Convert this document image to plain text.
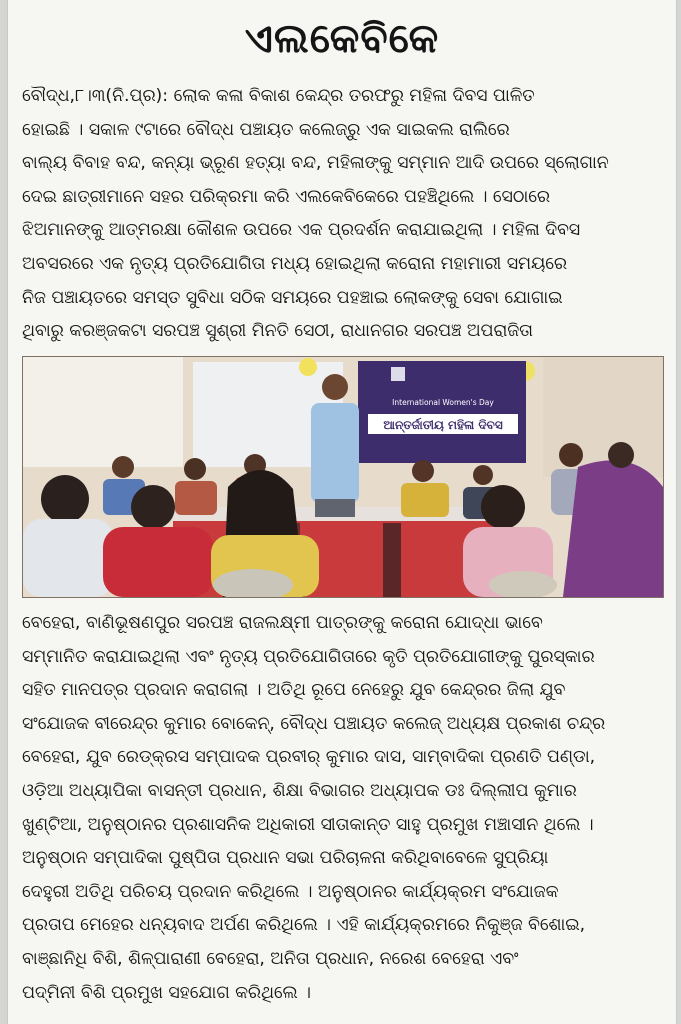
ଏଲକେବିକେ
ବୌଦ୍ଧ,୮।୩(ନି.ପ୍ର): ଲୋକ କଳା ବିକାଶ କେନ୍ଦ୍ର ତରଫରୁ ମହିଳା ଦିବସ ପାଳିତ
ହୋଇଛି । ସକାଳ ୯ଟାରେ ବୌଦ୍ଧ ପଞ୍ଚାୟତ କଲେଜ୍‌ରୁ ଏକ ସାଇକଲ ରାଲିରେ
ବାଲ୍ୟ ବିବାହ ବନ୍ଦ, କନ୍ୟା ଭ୍ରୂଣ ହତ୍ୟା ବନ୍ଦ, ମହିଳାଙ୍କୁ ସମ୍ମାନ ଆଦି ଉପରେ ସ୍ଲୋଗାନ
ଦେଇ ଛାତ୍ରୀମାନେ ସହର ପରିକ୍ରମା କରି ଏଲକେବିକେରେ ପହଞ୍ଚିଥିଲେ । ସେଠାରେ
ଝିଅମାନଙ୍କୁ ଆତ୍ମରକ୍ଷା କୌଶଳ ଉପରେ ଏକ ପ୍ରଦର୍ଶନ କରାଯାଇଥିଲା । ମହିଳା ଦିବସ
ଅବସରରେ ଏକ ନୃତ୍ୟ ପ୍ରତିଯୋଗିତା ମଧ୍ୟ ହୋଇଥିଲା କରୋନା ମହାମାରୀ ସମୟରେ
ନିଜ ପଞ୍ଚାୟତରେ ସମସ୍ତ ସୁବିଧା ସଠିକ ସମୟରେ ପହଞ୍ଚାଇ ଲୋକଙ୍କୁ ସେବା ଯୋଗାଇ
ଥିବାରୁ କରଞ୍ଜକଟା ସରପଞ୍ଚ ସୁଶ୍ରୀ ମିନତି ସେଠୀ, ରାଧାନଗର ସରପଞ୍ଚ ଅପରାଜିତା
International Women's Day
ଆନ୍ତର୍ଜାତୀୟ ମହିଳା ଦିବସ
ବେହେରା, ବାଣିଭୂଷଣପୁର ସରପଞ୍ଚ ରାଜଲକ୍ଷ୍ମୀ ପାତ୍ରଙ୍କୁ କରୋନା ଯୋଦ୍ଧା ଭାବେ
ସମ୍ମାନିତ କରାଯାଇଥିଲା ଏବଂ ନୃତ୍ୟ ପ୍ରତିଯୋଗିତାରେ କୃତି ପ୍ରତିଯୋଗୀଙ୍କୁ ପୁରସ୍କାର
ସହିତ ମାନପତ୍ର ପ୍ରଦାନ କରାଗଲା । ଅତିଥି ରୂପେ ନେହେରୁ ଯୁବ କେନ୍ଦ୍ରର ଜିଲା ଯୁବ
ସଂଯୋଜକ ବୀରେନ୍ଦ୍ର କୁମାର ବୋକେନ୍, ବୌଦ୍ଧ ପଞ୍ଚାୟତ କଲେଜ୍ ଅଧ୍ୟକ୍ଷ ପ୍ରକାଶ ଚନ୍ଦ୍ର
ବେହେରା, ଯୁବ ରେଡ୍‌କ୍ରସ ସମ୍ପାଦକ ପ୍ରବୀର୍ କୁମାର ଦାସ, ସାମ୍ବାଦିକା ପ୍ରଣତି ପଣ୍ଡା,
ଓଡ଼ିଆ ଅଧ୍ୟାପିକା ବାସନ୍ତୀ ପ୍ରଧାନ, ଶିକ୍ଷା ବିଭାଗର ଅଧ୍ୟାପକ ଡଃ ଦିଲ୍ଲୀପ କୁମାର
ଖୁଣ୍ଟିଆ, ଅନୁଷ୍ଠାନର ପ୍ରଶାସନିକ ଅଧିକାରୀ ସୀତାକାନ୍ତ ସାହୁ ପ୍ରମୁଖ ମଞ୍ଚାସୀନ ଥିଲେ ।
ଅନୁଷ୍ଠାନ ସମ୍ପାଦିକା ପୁଷ୍ପିତା ପ୍ରଧାନ ସଭା ପରିଚାଳନା କରିଥିବାବେଳେ ସୁପ୍ରିୟା
ଦେହୁରୀ ଅତିଥି ପରିଚୟ ପ୍ରଦାନ କରିଥିଲେ । ଅନୁଷ୍ଠାନର କାର୍ଯ୍ୟକ୍ରମ ସଂଯୋଜକ
ପ୍ରତାପ ମେହେର ଧନ୍ୟବାଦ ଅର୍ପଣ କରିଥିଲେ । ଏହି କାର୍ଯ୍ୟକ୍ରମରେ ନିକୁଞ୍ଜ ବିଶୋଇ,
ବାଞ୍ଛାନିଧି ବିଶି, ଶିଳ୍ପାରାଣୀ ବେହେରା, ଅନିତା ପ୍ରଧାନ, ନରେଶ ବେହେରା ଏବଂ
ପଦ୍ମିନୀ ବିଶି ପ୍ରମୁଖ ସହଯୋଗ କରିଥିଲେ ।
